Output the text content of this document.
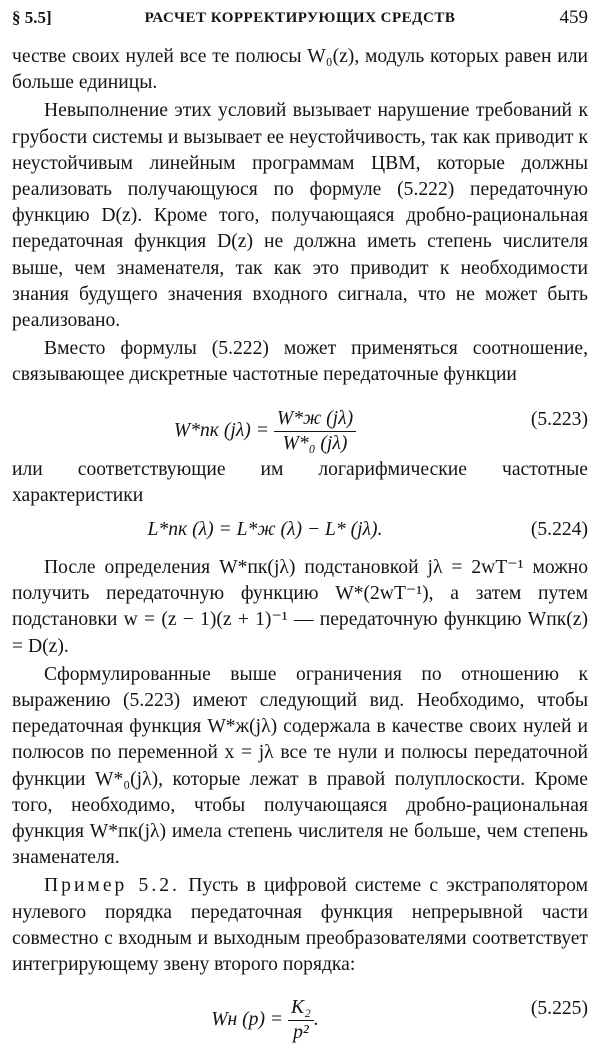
§ 5.5]	РАСЧЕТ КОРРЕКТИРУЮЩИХ СРЕДСТВ	459

честве своих нулей все те полюсы W₀(z), модуль которых равен или больше единицы.

Невыполнение этих условий вызывает нарушение требований к грубости системы и вызывает ее неустойчивость, так как приводит к неустойчивым линейным программам ЦВМ, которые должны реализовать получающуюся по формуле (5.222) передаточную функцию D(z). Кроме того, получающаяся дробно-рациональная передаточная функция D(z) не должна иметь степень числителя выше, чем знаменателя, так как это приводит к необходимости знания будущего значения входного сигнала, что не может быть реализовано.

Вместо формулы (5.222) может применяться соотношение, связывающее дискретные частотные передаточные функции

W*пк $(j\lambda) = \frac{W*ж (j\lambda)}{\text{W*₀ (jλ)}}$	(5.223)

или соответствующие им логарифмические частотные характеристики

L*пк (λ) = L*ж (λ) − L* (jλ).	(5.224)

После определения W*пк(jλ) подстановкой jλ = 2wT⁻¹ можно получить передаточную функцию W*(2wT⁻¹), а затем путем подстановки w = (z − 1)(z + 1)⁻¹ — передаточную функцию Wпк(z) = D(z).

Сформулированные выше ограничения по отношению к выражению (5.223) имеют следующий вид. Необходимо, чтобы передаточная функция W*ж(jλ) содержала в качестве своих нулей и полюсов по переменной x = jλ все те нули и полюсы передаточной функции W*₀(jλ), которые лежат в правой полуплоскости. Кроме того, необходимо, чтобы получающаяся дробно-рациональная функция W*пк(jλ) имела степень числителя не больше, чем степень знаменателя.

Пример 5.2. Пусть в цифровой системе с экстраполятором нулевого порядка передаточная функция непрерывной части совместно с входным и выходным преобразователями соответствует интегрирующему звену второго порядка:

Wн $(p) = \frac{\text{K₂}}{\text{p²}}$ .
(5.225)
